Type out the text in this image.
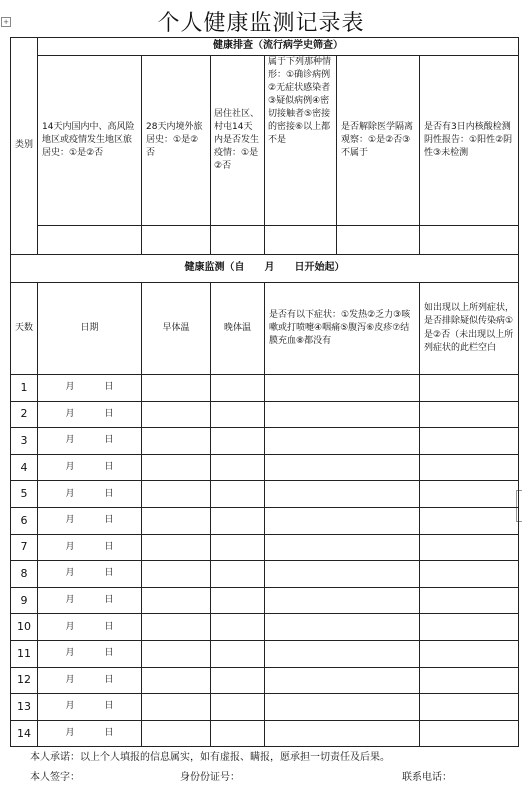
+	个人健康监测记录表
类别	健康排查（流行病学史筛查）					
	14天内国内中、高风险地区或疫情发生地区旅居史：①是②否	28天内境外旅居史：①是②否	居住社区、村屯14天内是否发生疫情：①是②否	属于下列那种情形：①确诊病例②无症状感染者③疑似病例④密切接触者⑤密接的密接⑥以上都不是	是否解除医学隔离观察：①是②否③不属于	是否有3日内核酸检测阴性报告：①阳性②阴性③未检测

健康监测（自　　月　　日开始起）						
天数	日期	早体温	晚体温	是否有以下症状：①发热②乏力③咳嗽或打喷嚏④咽痛⑤腹泻⑥皮疹⑦结膜充血⑧都没有		如出现以上所列症状，是否排除疑似传染病①是②否（未出现以上所列症状的此栏空白
1	月 日					
2	月 日					
3	月 日					
4	月 日					
5	月 日					
6	月 日					
7	月 日					
8	月 日					
9	月 日					
10	月 日					
11	月 日					
12	月 日					
13	月 日					
14	月 日					
本人承诺：以上个人填报的信息属实，如有虚报、瞒报，愿承担一切责任及后果。
本人签字：	身份份证号：	联系电话：
